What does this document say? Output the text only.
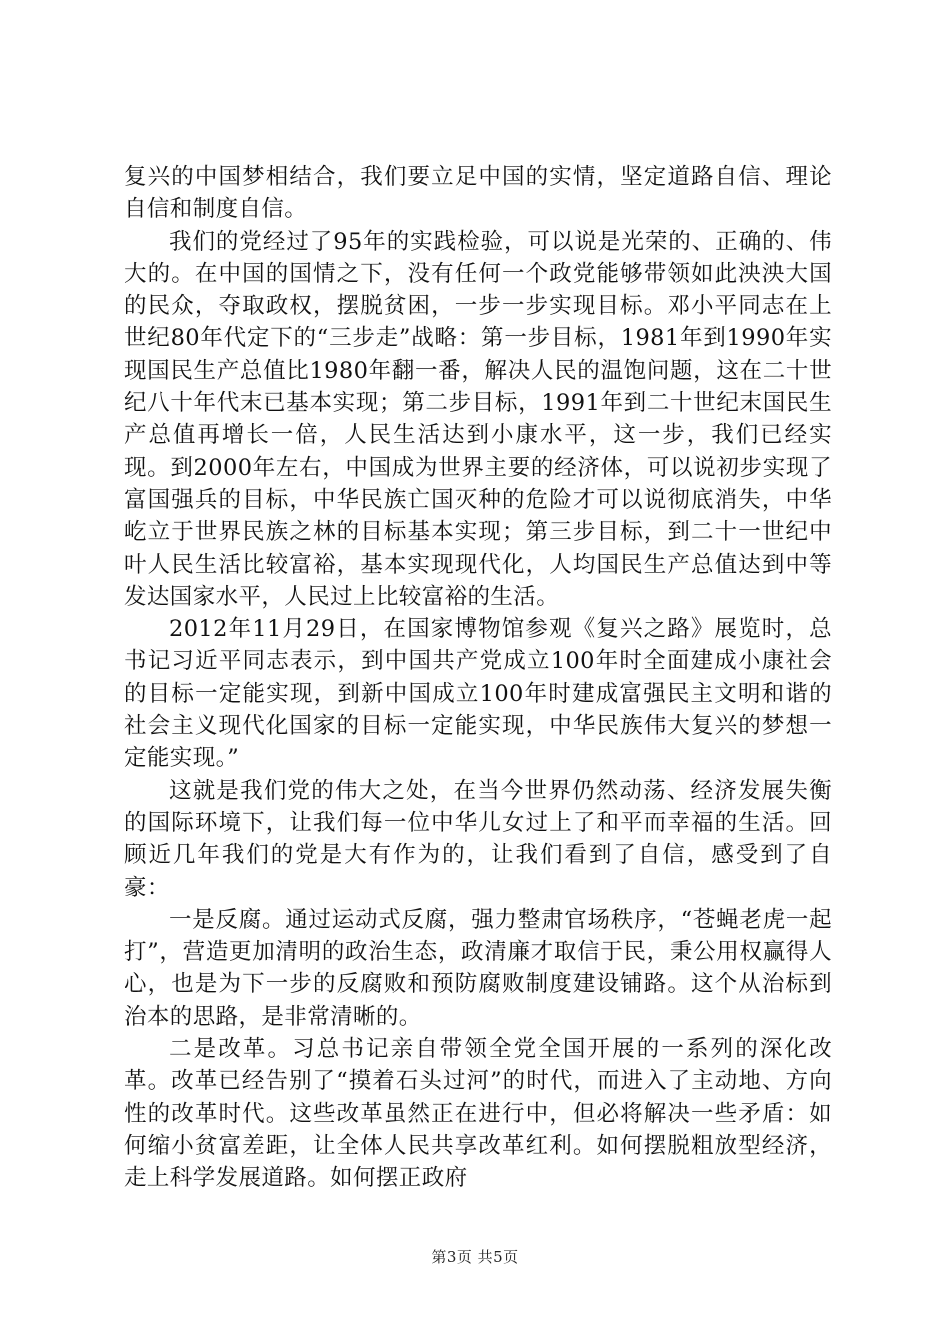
复兴的中国梦相结合，我们要立足中国的实情，坚定道路自信、理论自信和制度自信。

我们的党经过了95年的实践检验，可以说是光荣的、正确的、伟大的。在中国的国情之下，没有任何一个政党能够带领如此泱泱大国的民众，夺取政权，摆脱贫困，一步一步实现目标。邓小平同志在上世纪80年代定下的“三步走”战略：第一步目标，1981年到1990年实现国民生产总值比1980年翻一番，解决人民的温饱问题，这在二十世纪八十年代末已基本实现；第二步目标，1991年到二十世纪末国民生产总值再增长一倍，人民生活达到小康水平，这一步，我们已经实现。到2000年左右，中国成为世界主要的经济体，可以说初步实现了富国强兵的目标，中华民族亡国灭种的危险才可以说彻底消失，中华屹立于世界民族之林的目标基本实现；第三步目标，到二十一世纪中叶人民生活比较富裕，基本实现现代化，人均国民生产总值达到中等发达国家水平，人民过上比较富裕的生活。

2012年11月29日，在国家博物馆参观《复兴之路》展览时，总书记习近平同志表示，到中国共产党成立100年时全面建成小康社会的目标一定能实现，到新中国成立100年时建成富强民主文明和谐的社会主义现代化国家的目标一定能实现，中华民族伟大复兴的梦想一定能实现。”

这就是我们党的伟大之处，在当今世界仍然动荡、经济发展失衡的国际环境下，让我们每一位中华儿女过上了和平而幸福的生活。回顾近几年我们的党是大有作为的，让我们看到了自信，感受到了自豪：

一是反腐。通过运动式反腐，强力整肃官场秩序，“苍蝇老虎一起打”，营造更加清明的政治生态，政清廉才取信于民，秉公用权赢得人心，也是为下一步的反腐败和预防腐败制度建设铺路。这个从治标到治本的思路，是非常清晰的。

二是改革。习总书记亲自带领全党全国开展的一系列的深化改革。改革已经告别了“摸着石头过河”的时代，而进入了主动地、方向性的改革时代。这些改革虽然正在进行中，但必将解决一些矛盾：如何缩小贫富差距，让全体人民共享改革红利。如何摆脱粗放型经济，走上科学发展道路。如何摆正政府

第3页 共5页
